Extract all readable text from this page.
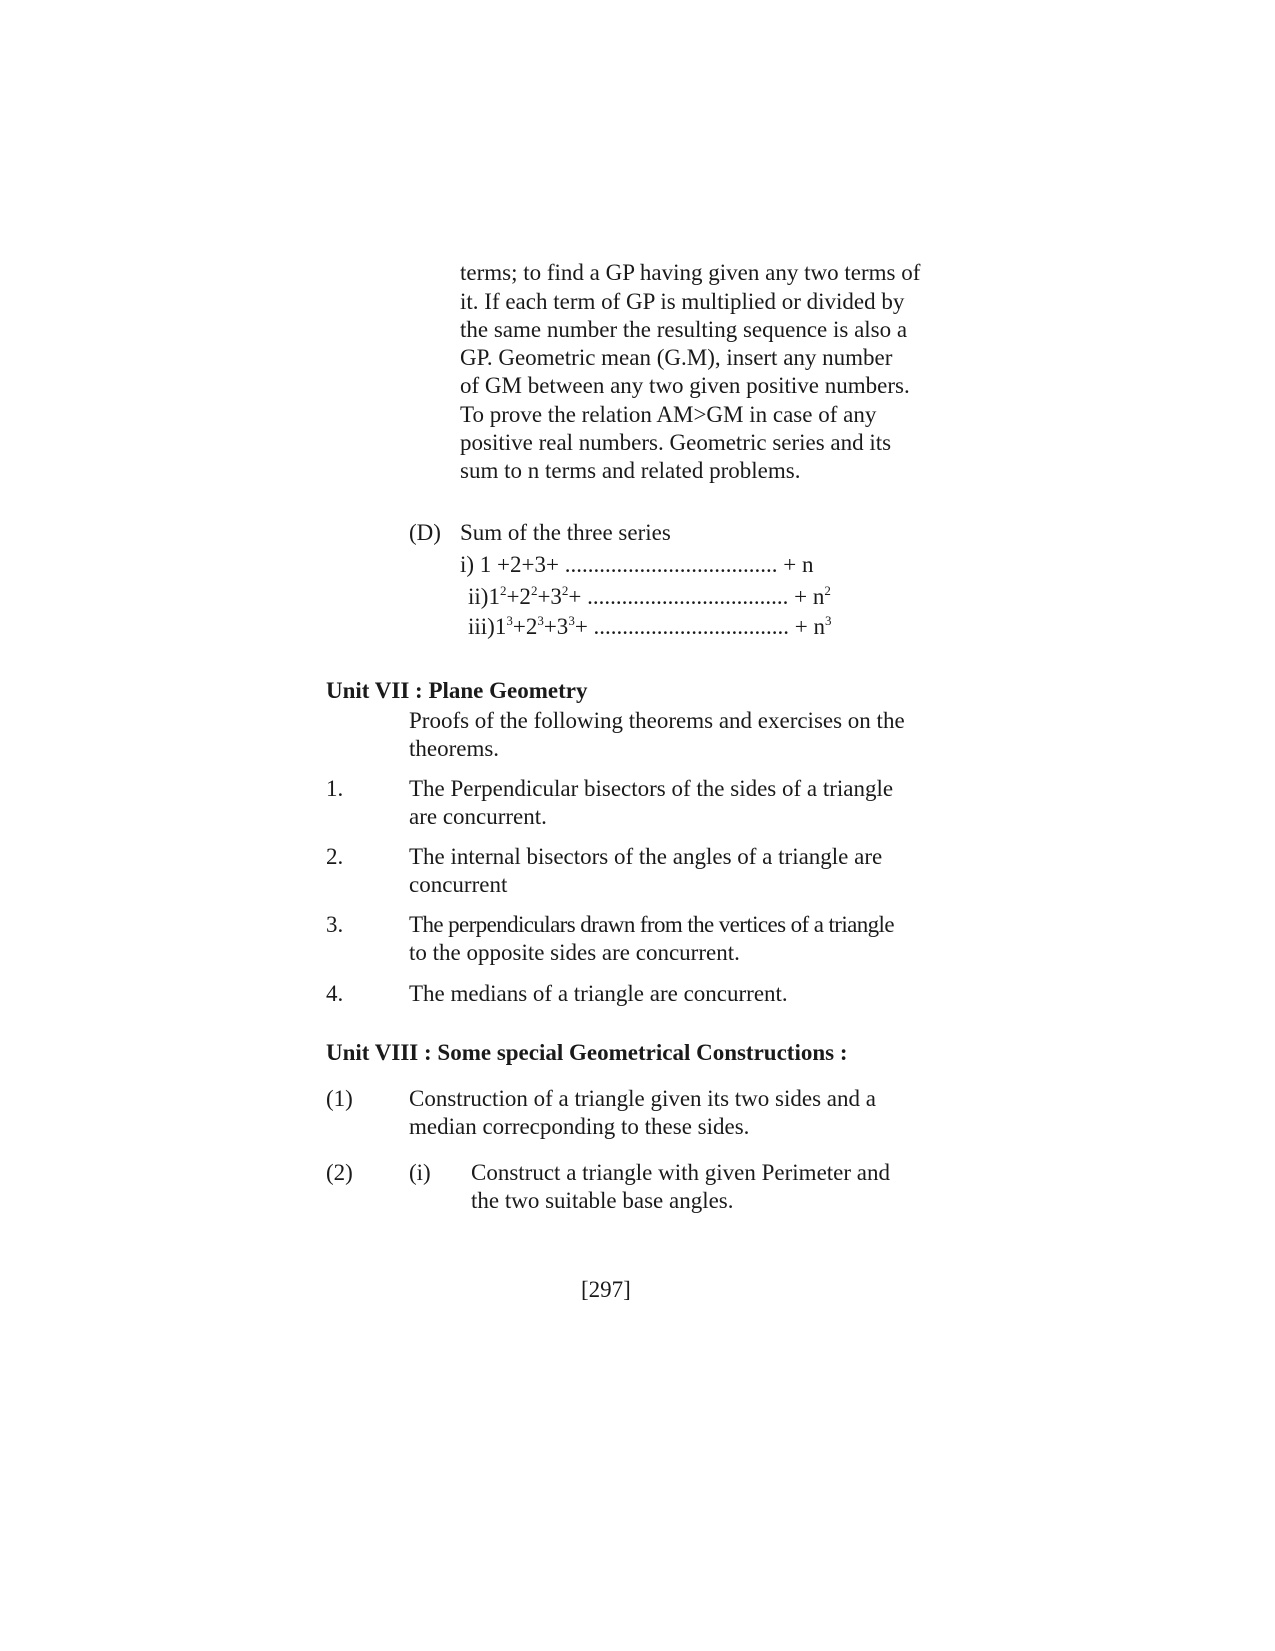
terms; to find a GP having given any two terms of
it. If each term of GP is multiplied or divided by
the same number the resulting sequence is also a
GP. Geometric mean (G.M), insert any number
of GM between any two given positive numbers.
To prove the relation AM>GM in case of any
positive real numbers. Geometric series and its
sum to n terms and related problems.
(D) Sum of the three series
i) 1 +2+3+ ..................................... + n
$ii)1^2+2^2+3^2+$ ................................... + $n^2$
$iii)1^3+2^3+3^3+$ .................................. + $n^3$
Unit VII : Plane Geometry
Proofs of the following theorems and exercises on the
theorems.
1.	The Perpendicular bisectors of the sides of a triangle
are concurrent.
2.	The internal bisectors of the angles of a triangle are
concurrent
3.	The perpendiculars drawn from the vertices of a triangle
to the opposite sides are concurrent.
4.	The medians of a triangle are concurrent.
Unit VIII : Some special Geometrical Constructions :
(1) Construction of a triangle given its two sides and a
median correcponding to these sides.
(2) (i) Construct a triangle with given Perimeter and
the two suitable base angles.
[297]
